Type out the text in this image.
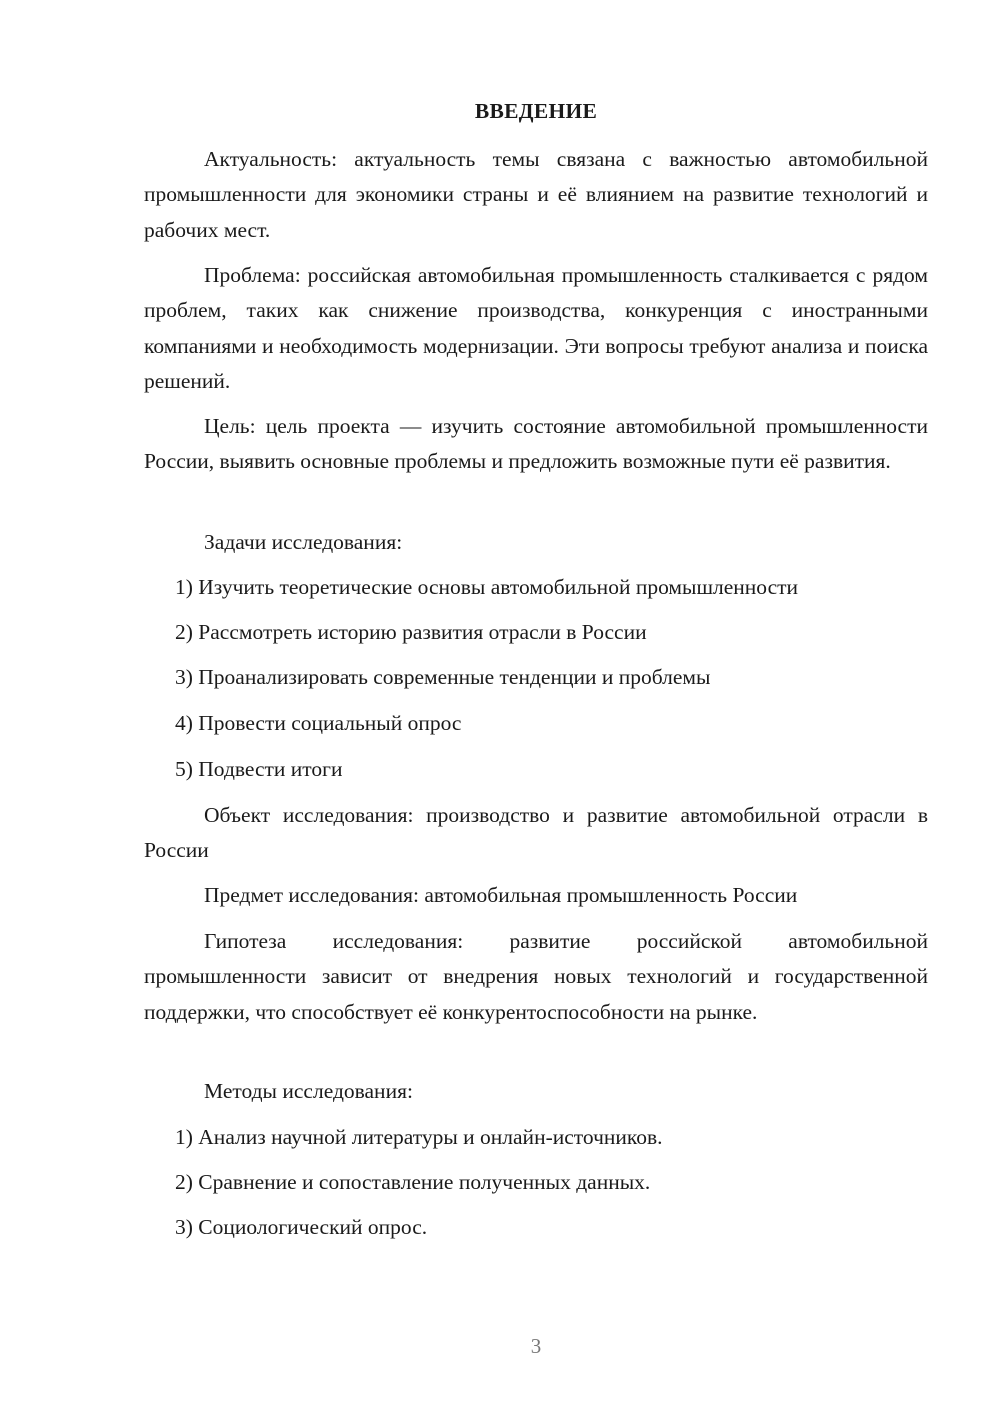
ВВЕДЕНИЕ

Актуальность: актуальность темы связана с важностью автомобильной промышленности для экономики страны и её влиянием на развитие технологий и рабочих мест.

Проблема: российская автомобильная промышленность сталкивается с рядом проблем, таких как снижение производства, конкуренция с иностранными компаниями и необходимость модернизации. Эти вопросы требуют анализа и поиска решений.

Цель: цель проекта — изучить состояние автомобильной промышленности России, выявить основные проблемы и предложить возможные пути её развития.

Задачи исследования:

1) Изучить теоретические основы автомобильной промышленности

2) Рассмотреть историю развития отрасли в России

3) Проанализировать современные тенденции и проблемы

4) Провести социальный опрос

5) Подвести итоги

Объект исследования: производство и развитие автомобильной отрасли в России

Предмет исследования: автомобильная промышленность России

Гипотеза исследования: развитие российской автомобильной промышленности зависит от внедрения новых технологий и государственной поддержки, что способствует её конкурентоспособности на рынке.

Методы исследования:

1) Анализ научной литературы и онлайн-источников.

2) Сравнение и сопоставление полученных данных.

3) Социологический опрос.

3
